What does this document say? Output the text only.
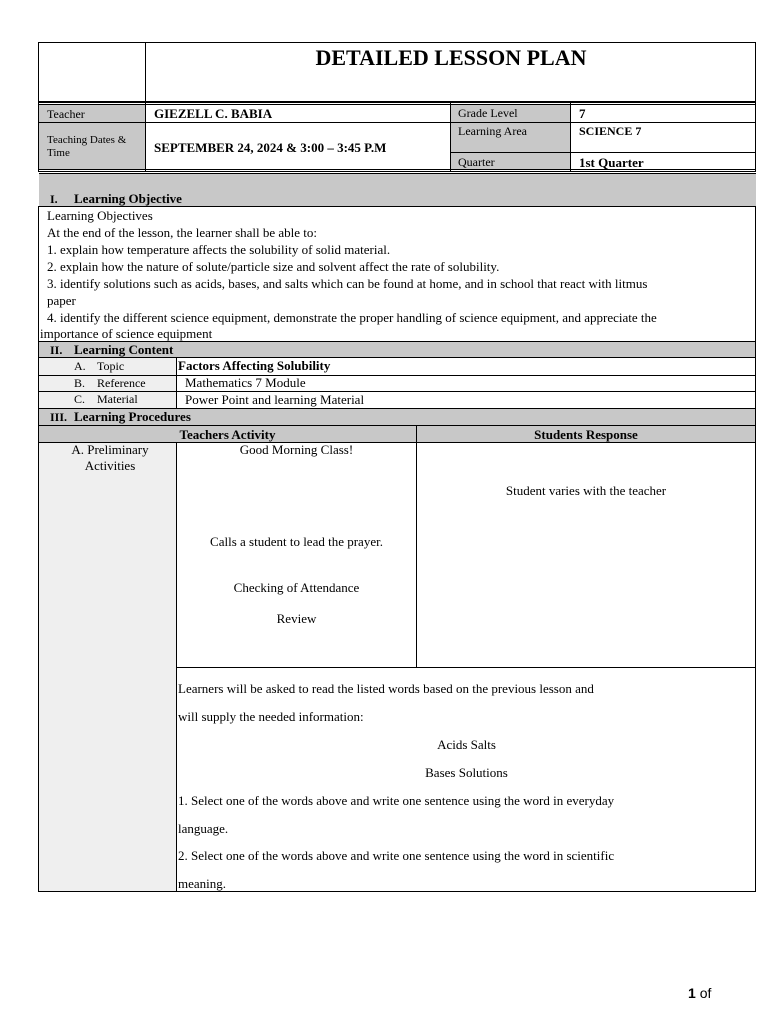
DETAILED LESSON PLAN
Teacher	GIEZELL C. BABIA	Grade Level	7
Teaching Dates & Time	SEPTEMBER 24, 2024 & 3:00 – 3:45 P.M
Learning Area	SCIENCE 7
Quarter	1st Quarter
I. Learning Objective
Learning Objectives
At the end of the lesson, the learner shall be able to:
1. explain how temperature affects the solubility of solid material.
2. explain how the nature of solute/particle size and solvent affect the rate of solubility.
3. identify solutions such as acids, bases, and salts which can be found at home, and in school that react with litmus
paper
4. identify the different science equipment, demonstrate the proper handling of science equipment, and appreciate the
importance of science equipment
II. Learning Content
A. Topic	Factors Affecting Solubility
B. Reference	Mathematics 7 Module
C. Material	Power Point and learning Material
III. Learning Procedures
Teachers Activity	Students Response
A. Preliminary Activities
Good Morning Class!
Calls a student to lead the prayer.
Checking of Attendance
Review
Student varies with the teacher
Learners will be asked to read the listed words based on the previous lesson and
will supply the needed information:
Acids Salts
Bases Solutions
1. Select one of the words above and write one sentence using the word in everyday
language.
2. Select one of the words above and write one sentence using the word in scientific
meaning.
1 of
